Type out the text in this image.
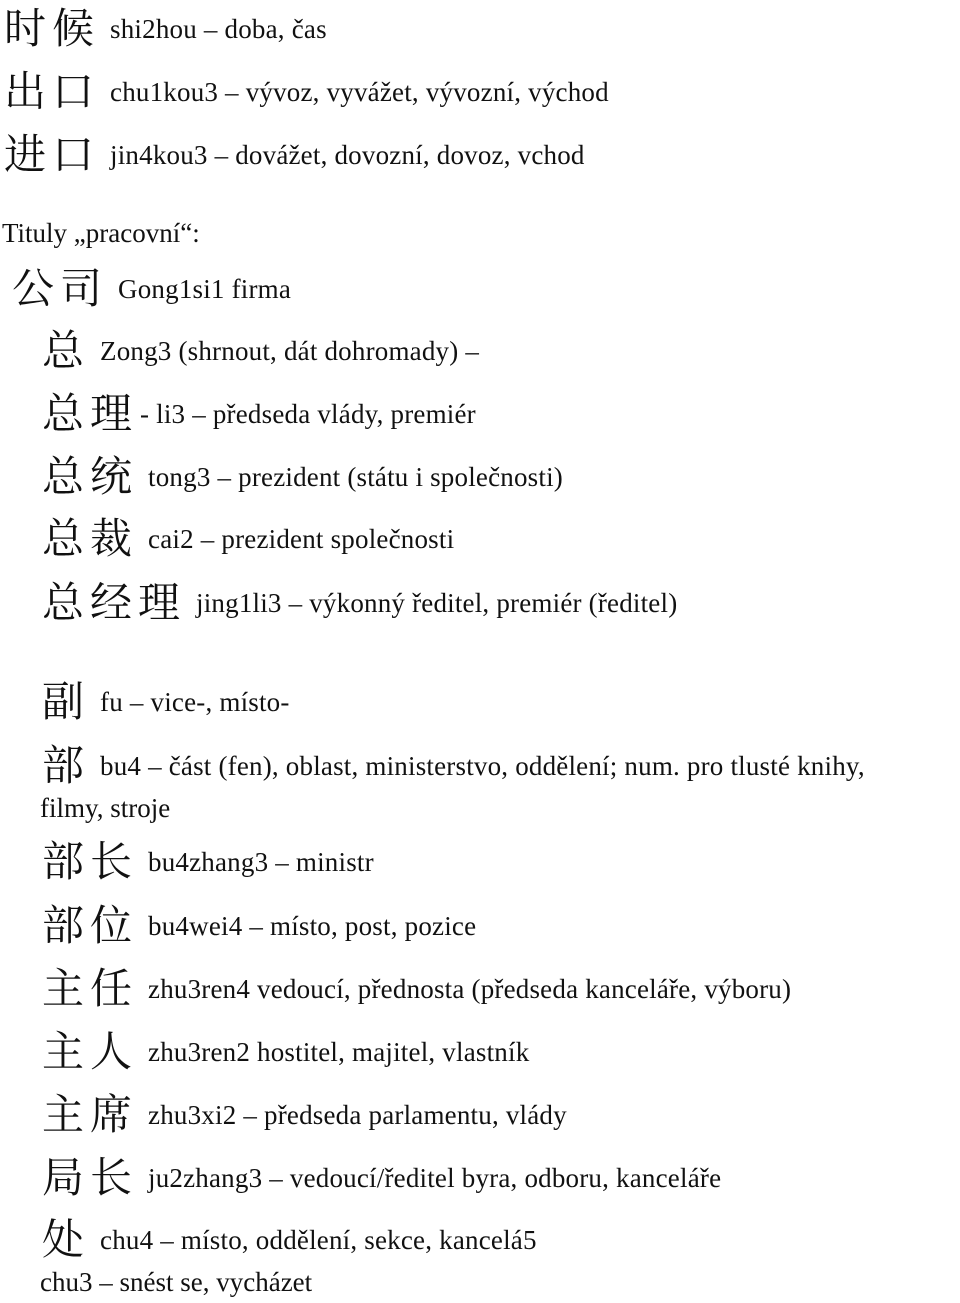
时候 shi2hou – doba, čas
出口 chu1kou3 – vývoz, vyvážet, vývozní, východ
进口 jin4kou3 – dovážet, dovozní, dovoz, vchod
Tituly „pracovní“:
公司 Gong1si1 firma
总 Zong3 (shrnout, dát dohromady) –
总理- li3 – předseda vlády, premiér
总统 tong3 – prezident (státu i společnosti)
总裁 cai2 – prezident společnosti
总经理 jing1li3 – výkonný ředitel, premiér (ředitel)
副fu – vice-, místo-
部bu4 – část (fen), oblast, ministerstvo, oddělení; num. pro tlusté knihy,
filmy, stroje
部长 bu4zhang3 – ministr
部位 bu4wei4 – místo, post, pozice
主任 zhu3ren4 vedoucí, přednosta (předseda kanceláře, výboru)
主人 zhu3ren2 hostitel, majitel, vlastník
主席 zhu3xi2 – předseda parlamentu, vlády
局长 ju2zhang3 – vedoucí/ředitel byra, odboru, kanceláře
处chu4 – místo, oddělení, sekce, kancelá5
chu3 – snést se, vycházet
